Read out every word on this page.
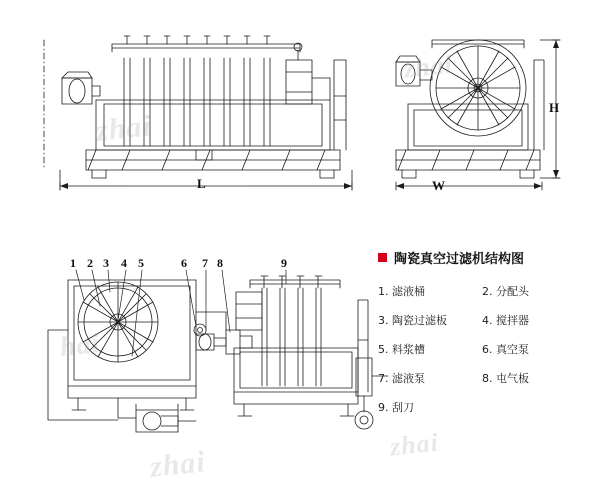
zhai
zhai
hai
zhai
zhai
L	W
H
1 2 3 4 5	6 7 8	9	陶瓷真空过滤机结构图
1. 滤液桶	2. 分配头
3. 陶瓷过滤板	4. 搅拌器
5. 料浆槽	6. 真空泵
7. 滤液泵	8. 屯气板
9. 刮刀
